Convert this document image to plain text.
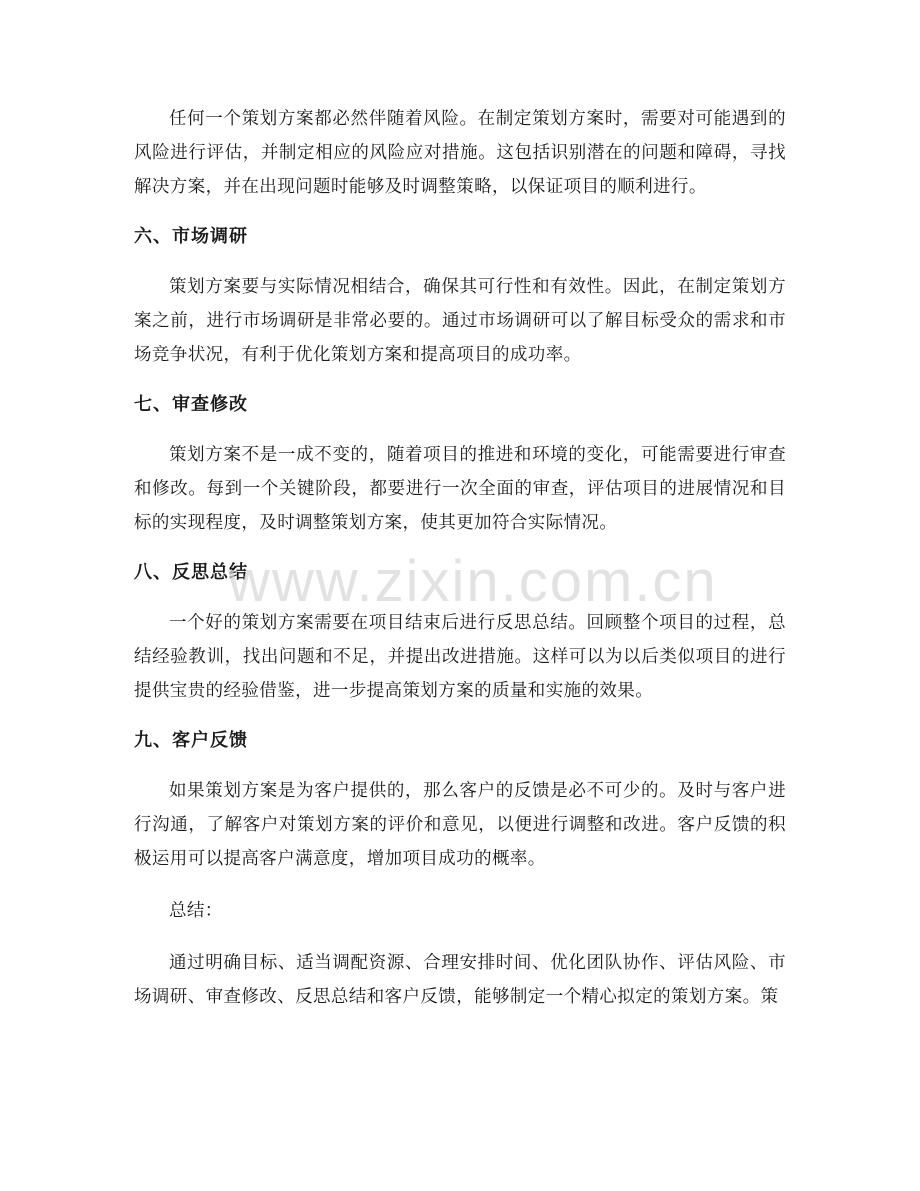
任何一个策划方案都必然伴随着风险。在制定策划方案时，需要对可能遇到的风险进行评估，并制定相应的风险应对措施。这包括识别潜在的问题和障碍，寻找解决方案，并在出现问题时能够及时调整策略，以保证项目的顺利进行。

六、市场调研

策划方案要与实际情况相结合，确保其可行性和有效性。因此，在制定策划方案之前，进行市场调研是非常必要的。通过市场调研可以了解目标受众的需求和市场竞争状况，有利于优化策划方案和提高项目的成功率。

七、审查修改

策划方案不是一成不变的，随着项目的推进和环境的变化，可能需要进行审查和修改。每到一个关键阶段，都要进行一次全面的审查，评估项目的进展情况和目标的实现程度，及时调整策划方案，使其更加符合实际情况。

八、反思总结

一个好的策划方案需要在项目结束后进行反思总结。回顾整个项目的过程，总结经验教训，找出问题和不足，并提出改进措施。这样可以为以后类似项目的进行提供宝贵的经验借鉴，进一步提高策划方案的质量和实施的效果。

九、客户反馈

如果策划方案是为客户提供的，那么客户的反馈是必不可少的。及时与客户进行沟通，了解客户对策划方案的评价和意见，以便进行调整和改进。客户反馈的积极运用可以提高客户满意度，增加项目成功的概率。

总结：

通过明确目标、适当调配资源、合理安排时间、优化团队协作、评估风险、市场调研、审查修改、反思总结和客户反馈，能够制定一个精心拟定的策划方案。策

www.zixin.com.cn
